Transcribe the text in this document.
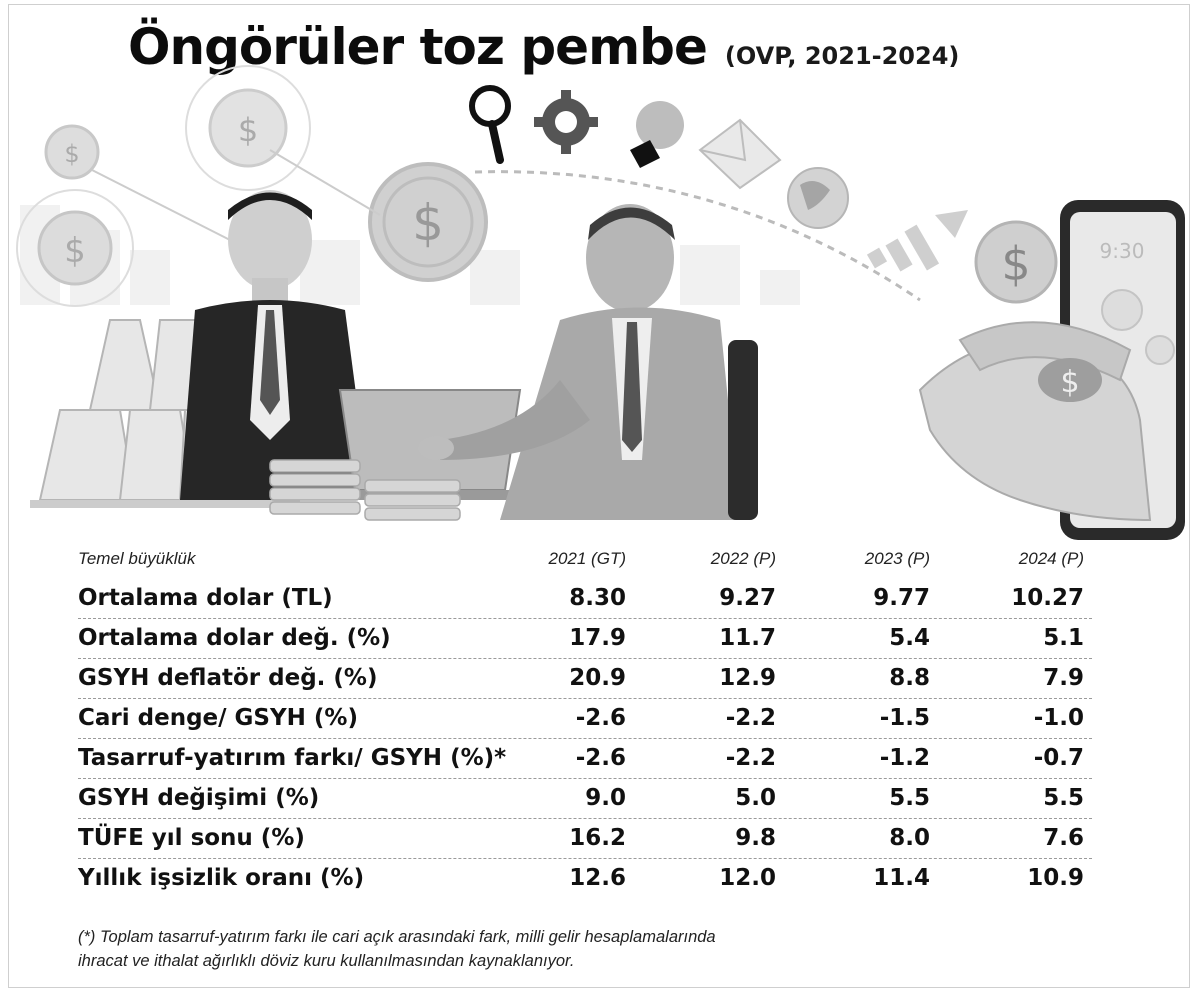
Öngörüler toz pembe (OVP, 2021-2024)
$
$
$	$
$	9:30
$
Temel büyüklük	2021 (GT)	2022 (P)	2023 (P)	2024 (P)
Ortalama dolar (TL)	8.30	9.27	9.77	10.27
Ortalama dolar değ. (%)	17.9	11.7	5.4	5.1
GSYH deflatör değ. (%)	20.9	12.9	8.8	7.9
Cari denge/ GSYH (%)	-2.6	-2.2	-1.5	-1.0
Tasarruf-yatırım farkı/ GSYH (%)*	-2.6	-2.2	-1.2	-0.7
GSYH değişimi (%)	9.0	5.0	5.5	5.5
TÜFE yıl sonu (%)	16.2	9.8	8.0	7.6
Yıllık işsizlik oranı (%)	12.6	12.0	11.4	10.9
(*) Toplam tasarruf-yatırım farkı ile cari açık arasındaki fark, milli gelir hesaplamalarında
ihracat ve ithalat ağırlıklı döviz kuru kullanılmasından kaynaklanıyor.
